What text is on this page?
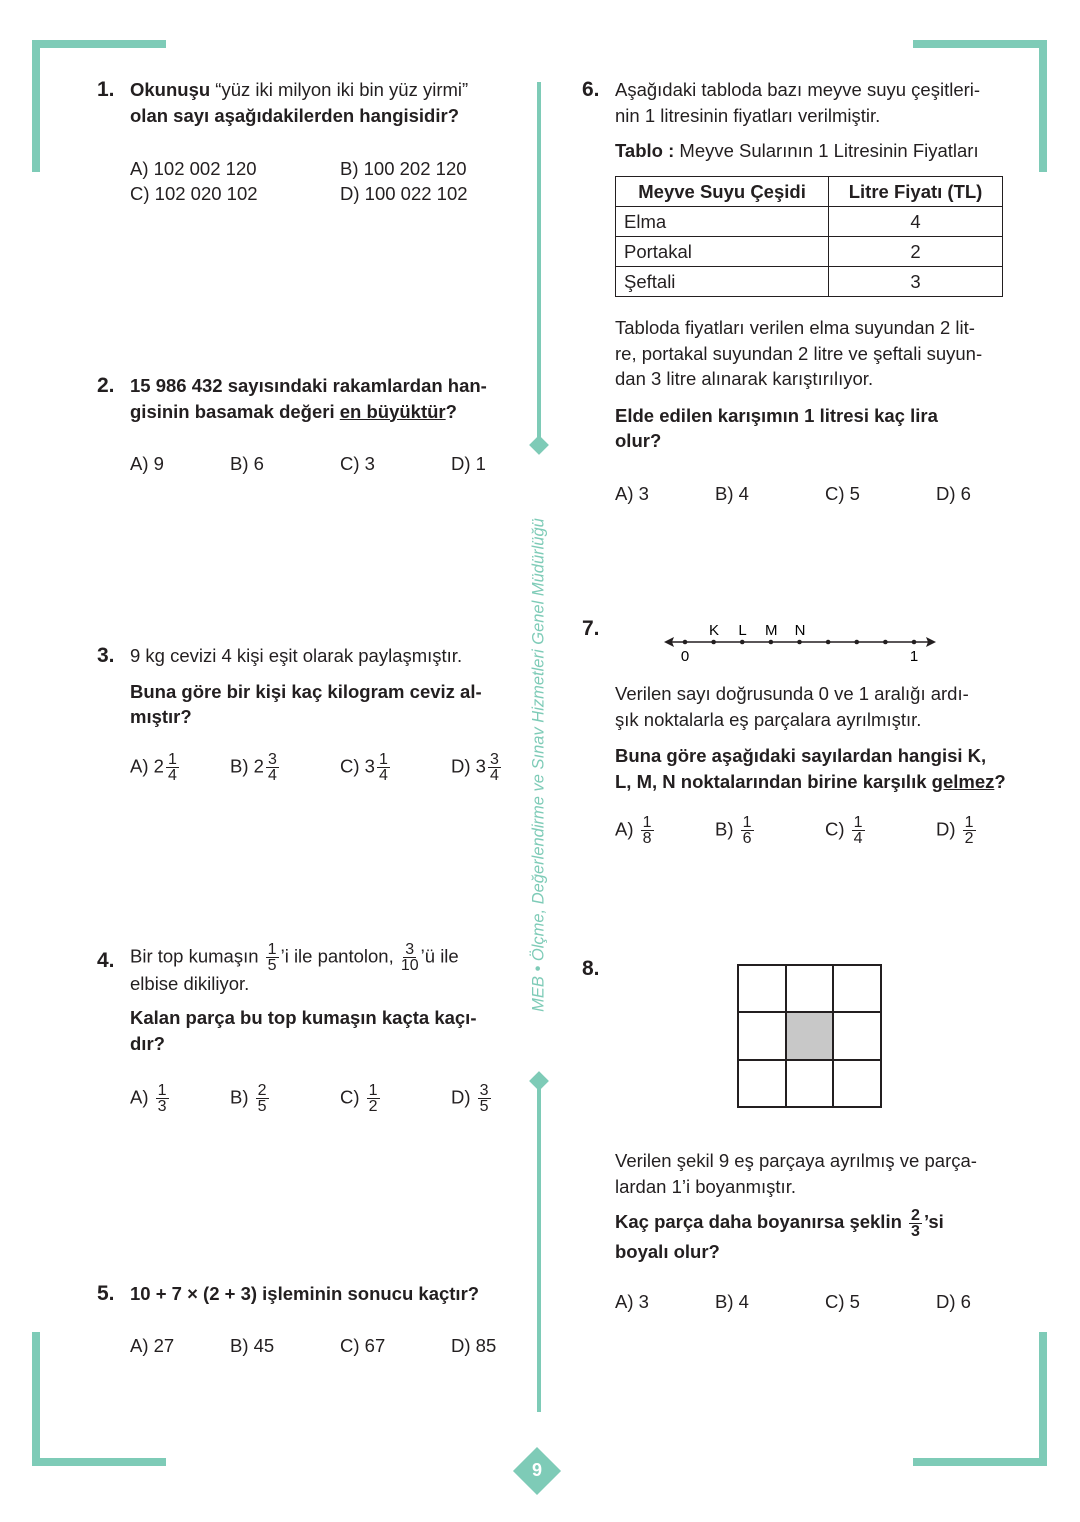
MEB • Ölçme, Değerlendirme ve Sınav Hizmetleri Genel Müdürlüğü
9
1. Okunuşu “yüz iki milyon iki bin yüz yirmi”
olan sayı aşağıdakilerden hangisidir?
A) 102 002 120	B) 100 202 120
C) 102 020 102	D) 100 022 102
2. 15 986 432 sayısındaki rakamlardan han-
gisinin basamak değeri en büyüktür?
A) 9	B) 6	C) 3	D) 1
3. 9 kg cevizi 4 kişi eşit olarak paylaşmıştır.
Buna göre bir kişi kaç kilogram ceviz al-
mıştır?
A) $2 \frac{1}{4}$	B) $2 \frac{3}{4}$	C) $3 \frac{1}{4}$	D) $3 \frac{3}{4}$
4. Bir top kumaşın $\frac{1}{5}$ ’i ile pantolon, $\frac{3}{10}$ ’ü ile
elbise dikiliyor.
Kalan parça bu top kumaşın kaçta kaçı-
dır?
$A) \frac{1}{3}$	$B) \frac{2}{5}$	$C) \frac{1}{2}$	$D) \frac{3}{5}$
5. 10 + 7 × (2 + 3) işleminin sonucu kaçtır?
A) 27	B) 45	C) 67	D) 85
6. Aşağıdaki tabloda bazı meyve suyu çeşitleri-
nin 1 litresinin fiyatları verilmiştir.
Tablo : Meyve Sularının 1 Litresinin Fiyatları
Meyve Suyu Çeşidi	Litre Fiyatı (TL)
Elma	4
Portakal	2
Şeftali	3
Tabloda fiyatları verilen elma suyundan 2 lit-
re, portakal suyundan 2 litre ve şeftali suyun-
dan 3 litre alınarak karıştırılıyor.
Elde edilen karışımın 1 litresi kaç lira
olur?
A) 3	B) 4	C) 5	D) 6
7.
0	1
K L M N
Verilen sayı doğrusunda 0 ve 1 aralığı ardı-
şık noktalarla eş parçalara ayrılmıştır.
Buna göre aşağıdaki sayılardan hangisi K,
L, M, N noktalarından birine karşılık gelmez?
$A) \frac{1}{8}$	$B) \frac{1}{6}$	$C) \frac{1}{4}$	$D) \frac{1}{2}$
8.
Verilen şekil 9 eş parçaya ayrılmış ve parça-
lardan 1’i boyanmıştır.
Kaç parça daha boyanırsa şeklin $\frac{2}{3}$ ’si
boyalı olur?
A) 3	B) 4	C) 5	D) 6
